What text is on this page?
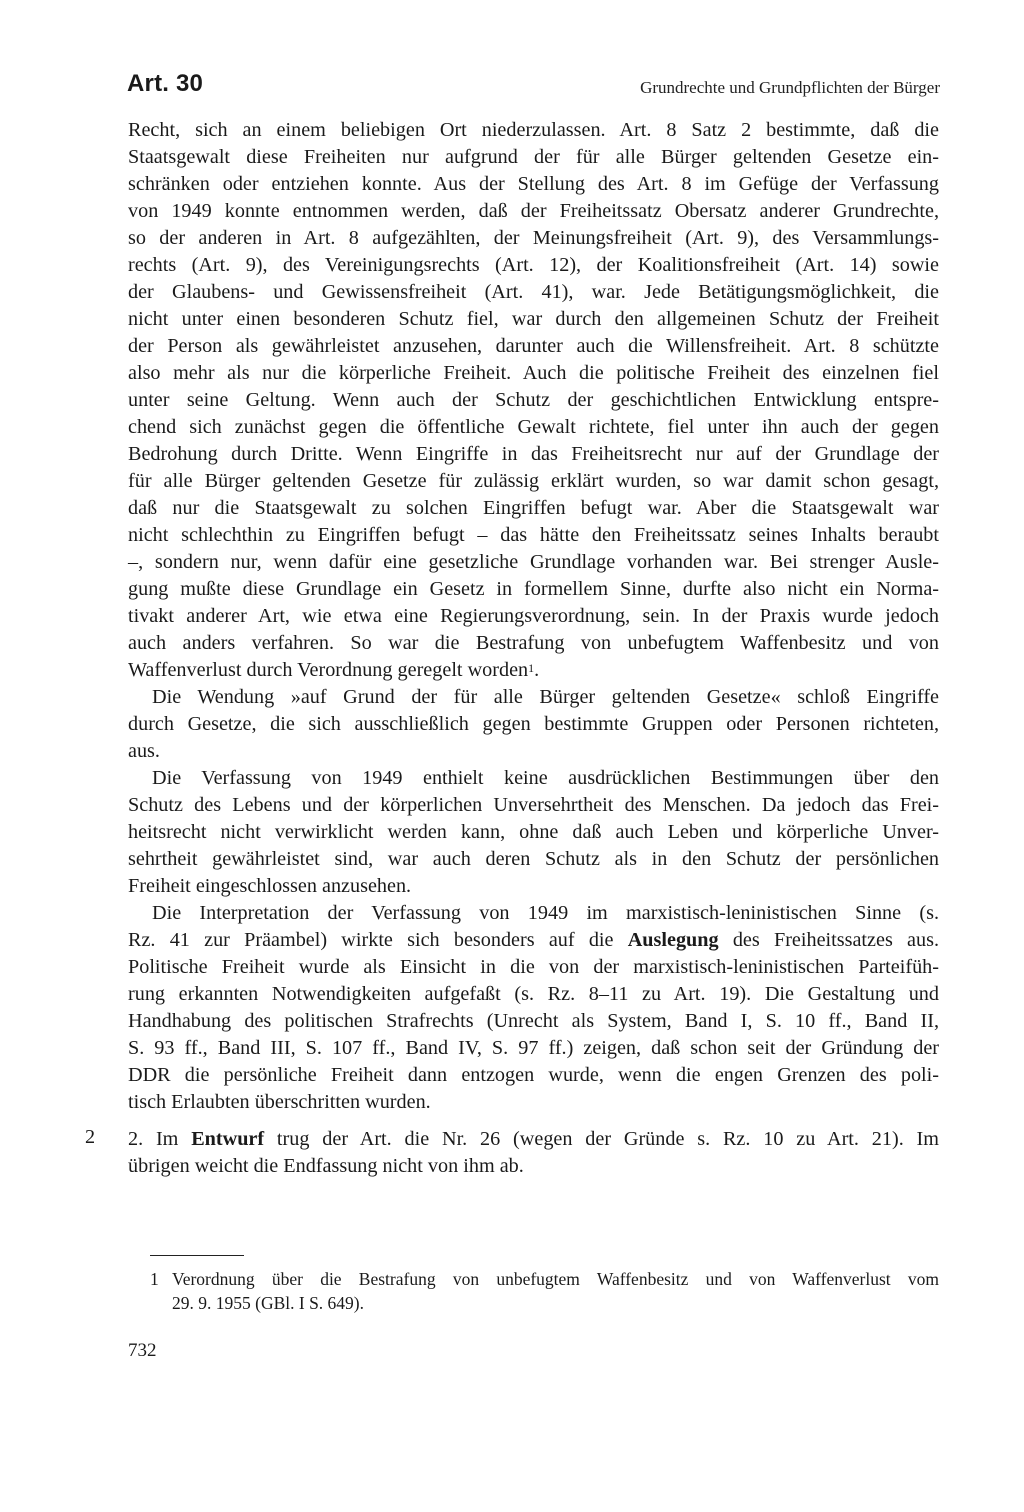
Art. 30	Grundrechte und Grundpflichten der Bürger

Recht, sich an einem beliebigen Ort niederzulassen. Art. 8 Satz 2 bestimmte, daß die
Staatsgewalt diese Freiheiten nur aufgrund der für alle Bürger geltenden Gesetze ein-
schränken oder entziehen konnte. Aus der Stellung des Art. 8 im Gefüge der Verfassung
von 1949 konnte entnommen werden, daß der Freiheitssatz Obersatz anderer Grundrechte,
so der anderen in Art. 8 aufgezählten, der Meinungsfreiheit (Art. 9), des Versammlungs-
rechts (Art. 9), des Vereinigungsrechts (Art. 12), der Koalitionsfreiheit (Art. 14) sowie
der Glaubens- und Gewissensfreiheit (Art. 41), war. Jede Betätigungsmöglichkeit, die
nicht unter einen besonderen Schutz fiel, war durch den allgemeinen Schutz der Freiheit
der Person als gewährleistet anzusehen, darunter auch die Willensfreiheit. Art. 8 schützte
also mehr als nur die körperliche Freiheit. Auch die politische Freiheit des einzelnen fiel
unter seine Geltung. Wenn auch der Schutz der geschichtlichen Entwicklung entspre-
chend sich zunächst gegen die öffentliche Gewalt richtete, fiel unter ihn auch der gegen
Bedrohung durch Dritte. Wenn Eingriffe in das Freiheitsrecht nur auf der Grundlage der
für alle Bürger geltenden Gesetze für zulässig erklärt wurden, so war damit schon gesagt,
daß nur die Staatsgewalt zu solchen Eingriffen befugt war. Aber die Staatsgewalt war
nicht schlechthin zu Eingriffen befugt – das hätte den Freiheitssatz seines Inhalts beraubt
–, sondern nur, wenn dafür eine gesetzliche Grundlage vorhanden war. Bei strenger Ausle-
gung mußte diese Grundlage ein Gesetz in formellem Sinne, durfte also nicht ein Norma-
tivakt anderer Art, wie etwa eine Regierungsverordnung, sein. In der Praxis wurde jedoch
auch anders verfahren. So war die Bestrafung von unbefugtem Waffenbesitz und von
Waffenverlust durch Verordnung geregelt worden$^1$.

Die Wendung »auf Grund der für alle Bürger geltenden Gesetze« schloß Eingriffe
durch Gesetze, die sich ausschließlich gegen bestimmte Gruppen oder Personen richteten,
aus.

Die Verfassung von 1949 enthielt keine ausdrücklichen Bestimmungen über den
Schutz des Lebens und der körperlichen Unversehrtheit des Menschen. Da jedoch das Frei-
heitsrecht nicht verwirklicht werden kann, ohne daß auch Leben und körperliche Unver-
sehrtheit gewährleistet sind, war auch deren Schutz als in den Schutz der persönlichen
Freiheit eingeschlossen anzusehen.

Die Interpretation der Verfassung von 1949 im marxistisch-leninistischen Sinne (s.
Rz. 41 zur Präambel) wirkte sich besonders auf die Auslegung des Freiheitssatzes aus.
Politische Freiheit wurde als Einsicht in die von der marxistisch-leninistischen Parteifüh-
rung erkannten Notwendigkeiten aufgefaßt (s. Rz. 8–11 zu Art. 19). Die Gestaltung und
Handhabung des politischen Strafrechts (Unrecht als System, Band I, S. 10 ff., Band II,
S. 93 ff., Band III, S. 107 ff., Band IV, S. 97 ff.) zeigen, daß schon seit der Gründung der
DDR die persönliche Freiheit dann entzogen wurde, wenn die engen Grenzen des poli-
tisch Erlaubten überschritten wurden.

2 2. Im Entwurf trug der Art. die Nr. 26 (wegen der Gründe s. Rz. 10 zu Art. 21). Im
übrigen weicht die Endfassung nicht von ihm ab.
1 Verordnung über die Bestrafung von unbefugtem Waffenbesitz und von Waffenverlust vom
29. 9. 1955 (GBl. I S. 649).
732
